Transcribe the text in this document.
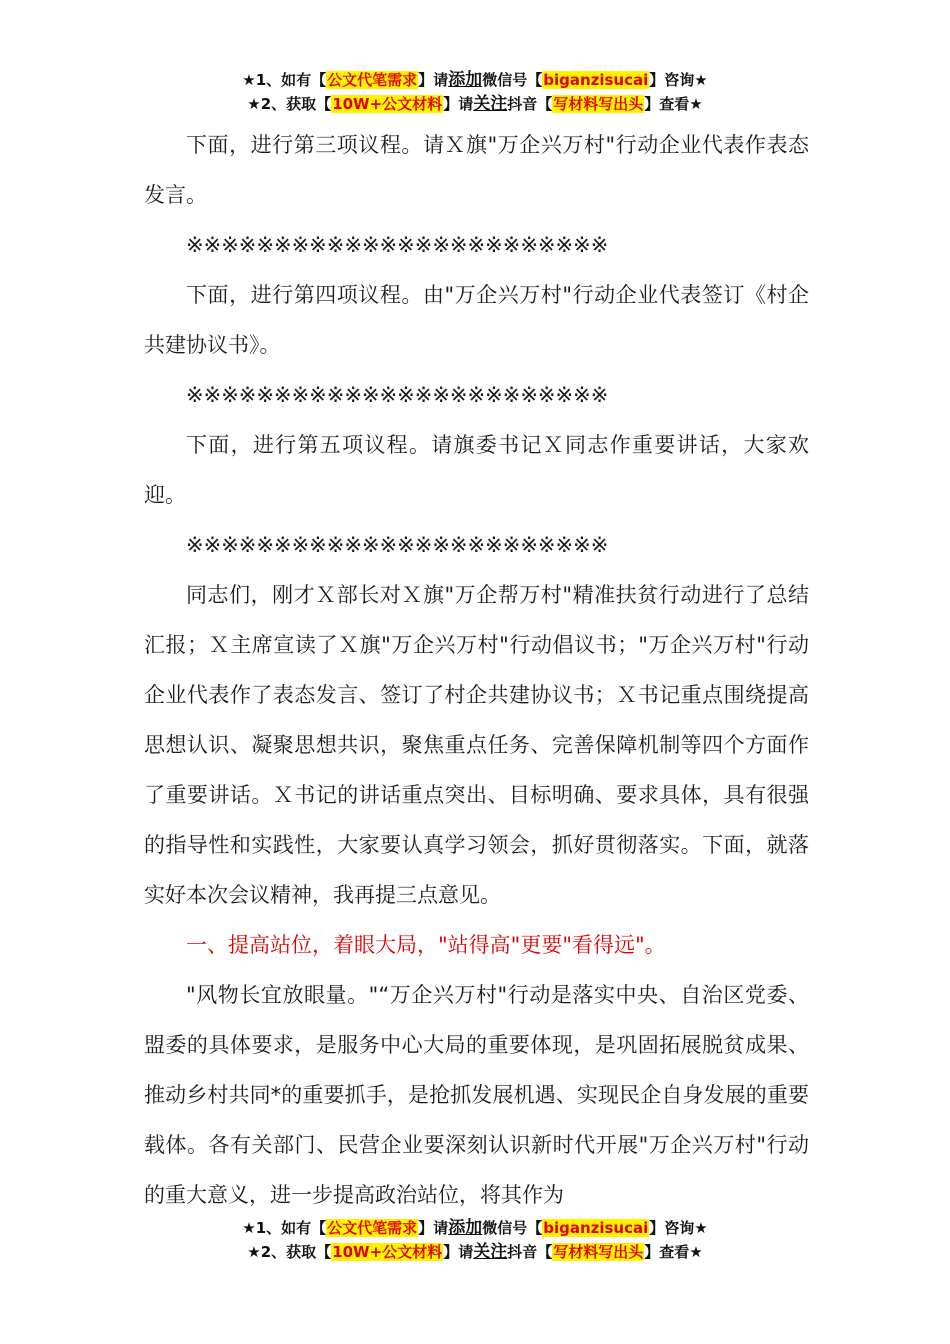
★1、如有【公文代笔需求】请添加微信号【biganzisucai】咨询★
★2、获取【10W+公文材料】请关注抖音【写材料写出头】查看★

下面，进行第三项议程。请Ｘ旗"万企兴万村"行动企业代表作表态发言。

※※※※※※※※※※※※※※※※※※※※※※※※

下面，进行第四项议程。由"万企兴万村"行动企业代表签订《村企共建协议书》。

※※※※※※※※※※※※※※※※※※※※※※※※

下面，进行第五项议程。请旗委书记Ｘ同志作重要讲话，大家欢迎。

※※※※※※※※※※※※※※※※※※※※※※※※

同志们，刚才Ｘ部长对Ｘ旗"万企帮万村"精准扶贫行动进行了总结汇报；Ｘ主席宣读了Ｘ旗"万企兴万村"行动倡议书；"万企兴万村"行动企业代表作了表态发言、签订了村企共建协议书；Ｘ书记重点围绕提高思想认识、凝聚思想共识，聚焦重点任务、完善保障机制等四个方面作了重要讲话。Ｘ书记的讲话重点突出、目标明确、要求具体，具有很强的指导性和实践性，大家要认真学习领会，抓好贯彻落实。下面，就落实好本次会议精神，我再提三点意见。

一、提高站位，着眼大局，"站得高"更要"看得远"。

"风物长宜放眼量。"“万企兴万村"行动是落实中央、自治区党委、盟委的具体要求，是服务中心大局的重要体现，是巩固拓展脱贫成果、推动乡村共同*的重要抓手，是抢抓发展机遇、实现民企自身发展的重要载体。各有关部门、民营企业要深刻认识新时代开展"万企兴万村"行动的重大意义，进一步提高政治站位，将其作为

★1、如有【公文代笔需求】请添加微信号【biganzisucai】咨询★
★2、获取【10W+公文材料】请关注抖音【写材料写出头】查看★
